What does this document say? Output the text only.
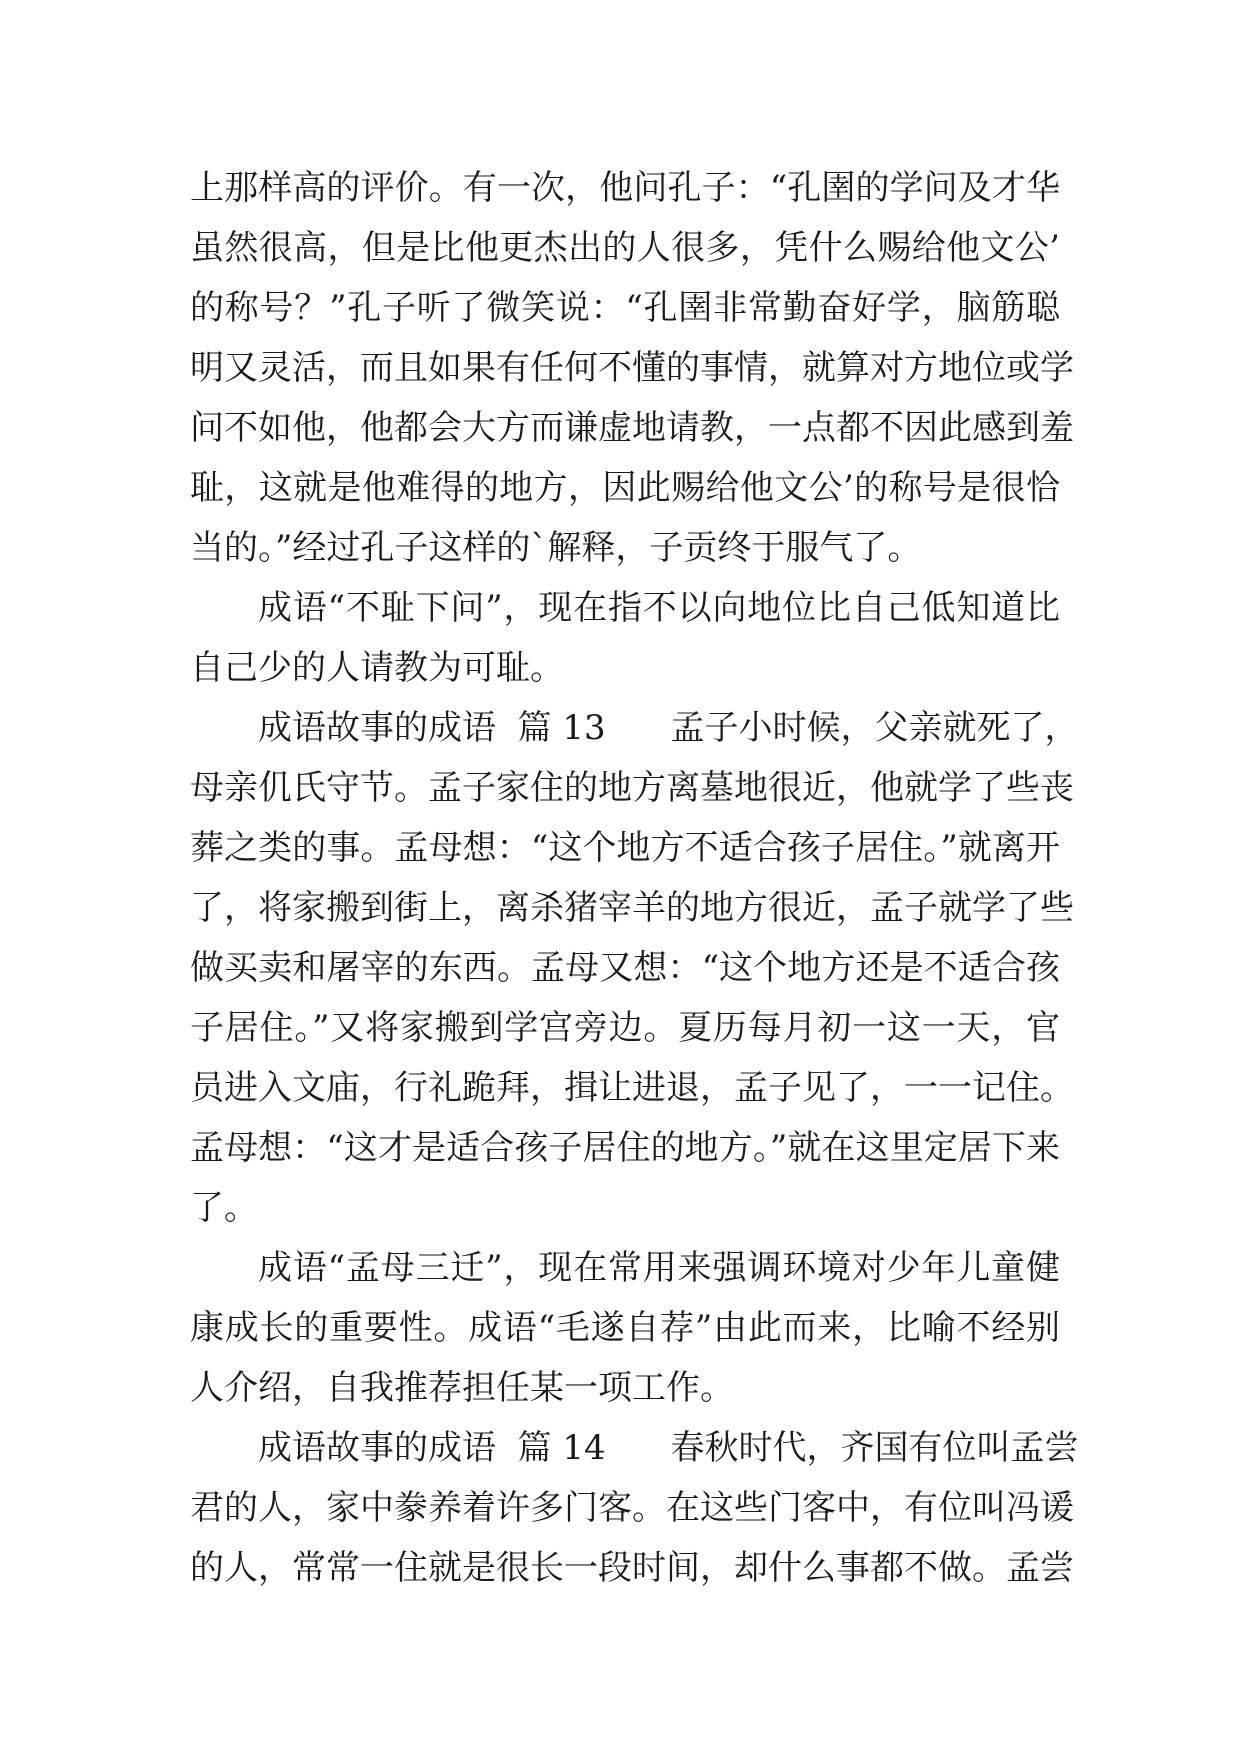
上那样高的评价。有一次，他问孔子：“孔圉的学问及才华
虽然很高，但是比他更杰出的人很多，凭什么赐给他文公’
的称号？”孔子听了微笑说：“孔圉非常勤奋好学，脑筋聪
明又灵活，而且如果有任何不懂的事情，就算对方地位或学
问不如他，他都会大方而谦虚地请教，一点都不因此感到羞
耻，这就是他难得的地方，因此赐给他文公’的称号是很恰
当的。”经过孔子这样的`解释，子贡终于服气了。
成语“不耻下问”，现在指不以向地位比自己低知道比
自己少的人请教为可耻。
成语故事的成语  篇 13      孟子小时候，父亲就死了，
母亲仉氏守节。孟子家住的地方离墓地很近，他就学了些丧
葬之类的事。孟母想：“这个地方不适合孩子居住。”就离开
了，将家搬到街上，离杀猪宰羊的地方很近，孟子就学了些
做买卖和屠宰的东西。孟母又想：“这个地方还是不适合孩
子居住。”又将家搬到学宫旁边。夏历每月初一这一天，官
员进入文庙，行礼跪拜，揖让进退，孟子见了，一一记住。
孟母想：“这才是适合孩子居住的地方。”就在这里定居下来
了。
成语“孟母三迁”，现在常用来强调环境对少年儿童健
康成长的重要性。成语“毛遂自荐”由此而来，比喻不经别
人介绍，自我推荐担任某一项工作。
成语故事的成语  篇 14      春秋时代，齐国有位叫孟尝
君的人，家中豢养着许多门客。在这些门客中，有位叫冯谖
的人，常常一住就是很长一段时间，却什么事都不做。孟尝
